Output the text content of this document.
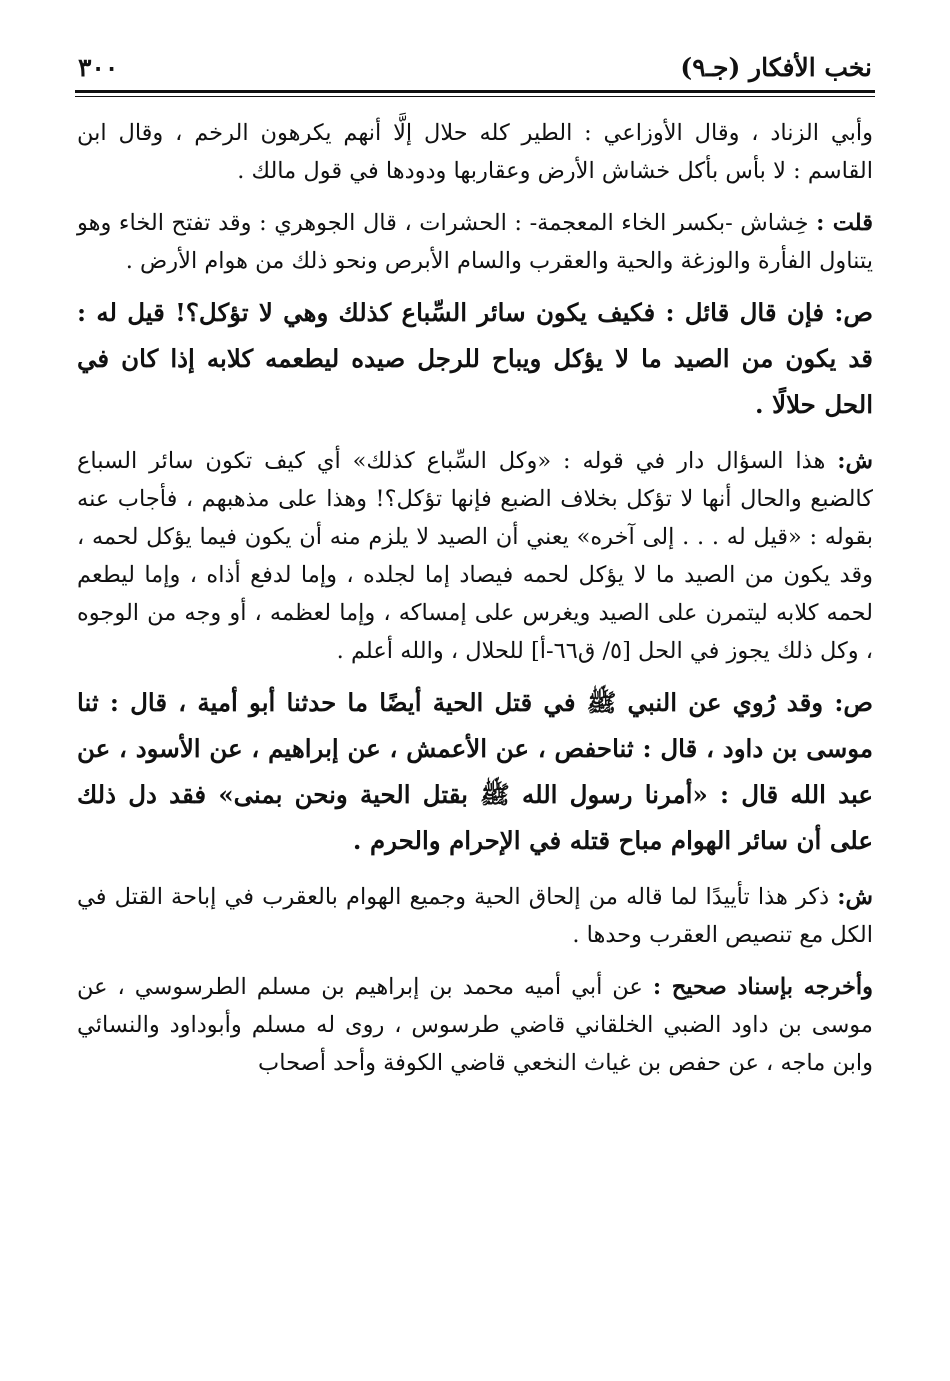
نخب الأفكار (جـ٩)
٣٠٠

وأبي الزناد ، وقال الأوزاعي : الطير كله حلال إلَّا أنهم يكرهون الرخم ، وقال ابن القاسم : لا بأس بأكل خشاش الأرض وعقاربها ودودها في قول مالك .

قلت : خِشاش -بكسر الخاء المعجمة- : الحشرات ، قال الجوهري : وقد تفتح الخاء وهو يتناول الفأرة والوزغة والحية والعقرب والسام الأبرص ونحو ذلك من هوام الأرض .

ص: فإن قال قائل : فكيف يكون سائر السِّباع كذلك وهي لا تؤكل؟! قيل له : قد يكون من الصيد ما لا يؤكل ويباح للرجل صيده ليطعمه كلابه إذا كان في الحل حلالًا .

ش: هذا السؤال دار في قوله : «وكل السِّباع كذلك» أي كيف تكون سائر السباع كالضبع والحال أنها لا تؤكل بخلاف الضبع فإنها تؤكل؟! وهذا على مذهبهم ، فأجاب عنه بقوله : «قيل له . . . إلى آخره» يعني أن الصيد لا يلزم منه أن يكون فيما يؤكل لحمه ، وقد يكون من الصيد ما لا يؤكل لحمه فيصاد إما لجلده ، وإما لدفع أذاه ، وإما ليطعم لحمه كلابه ليتمرن على الصيد ويغرس على إمساكه ، وإما لعظمه ، أو وجه من الوجوه ، وكل ذلك يجوز في الحل [٥/ ق٦٦-أ] للحلال ، والله أعلم .

ص: وقد رُوي عن النبي ﷺ في قتل الحية أيضًا ما حدثنا أبو أمية ، قال : ثنا موسى بن داود ، قال : ثناحفص ، عن الأعمش ، عن إبراهيم ، عن الأسود ، عن عبد الله قال : «أمرنا رسول الله ﷺ بقتل الحية ونحن بمنى» فقد دل ذلك على أن سائر الهوام مباح قتله في الإحرام والحرم .

ش: ذكر هذا تأييدًا لما قاله من إلحاق الحية وجميع الهوام بالعقرب في إباحة القتل في الكل مع تنصيص العقرب وحدها .

وأخرجه بإسناد صحيح : عن أبي أميه محمد بن إبراهيم بن مسلم الطرسوسي ، عن موسى بن داود الضبي الخلقاني قاضي طرسوس ، روى له مسلم وأبوداود والنسائي وابن ماجه ، عن حفص بن غياث النخعي قاضي الكوفة وأحد أصحاب
